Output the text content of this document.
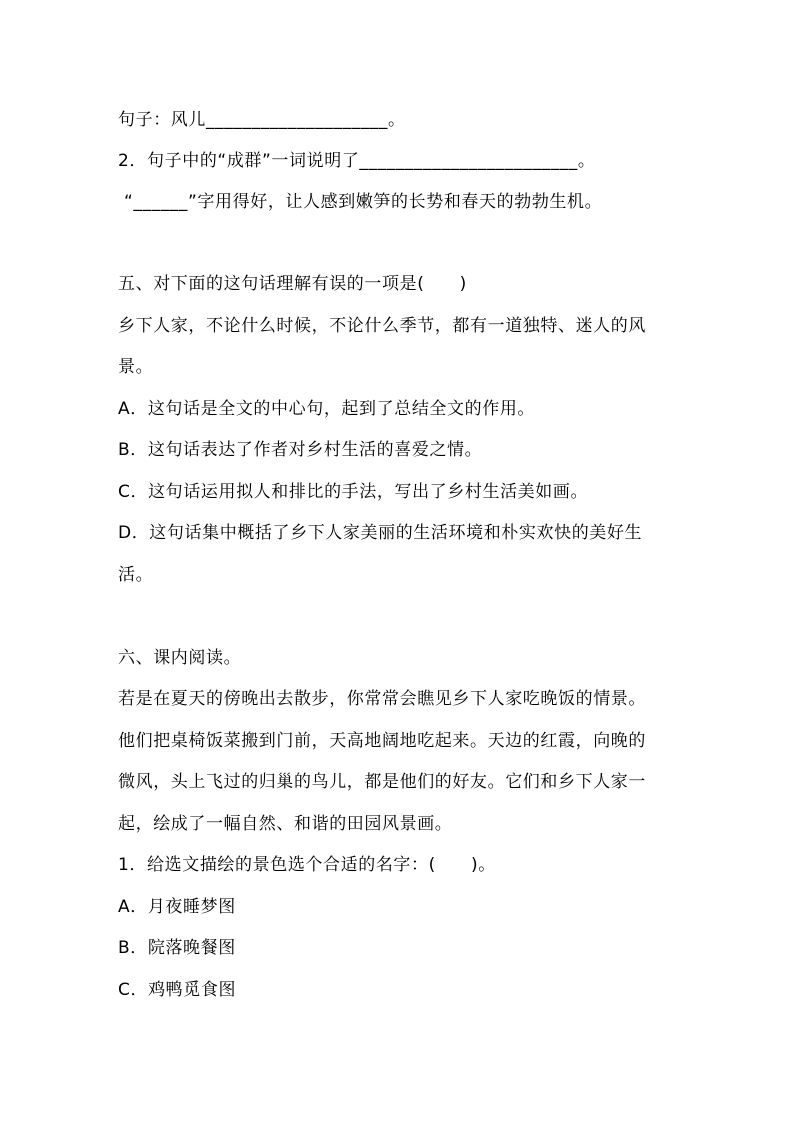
句子：风儿____________________。
2．句子中的“成群”一词说明了________________________。
“______”字用得好，让人感到嫩笋的长势和春天的勃勃生机。
五、对下面的这句话理解有误的一项是(　　)
乡下人家，不论什么时候，不论什么季节，都有一道独特、迷人的风
景。
A．这句话是全文的中心句，起到了总结全文的作用。
B．这句话表达了作者对乡村生活的喜爱之情。
C．这句话运用拟人和排比的手法，写出了乡村生活美如画。
D．这句话集中概括了乡下人家美丽的生活环境和朴实欢快的美好生
活。
六、课内阅读。
若是在夏天的傍晚出去散步，你常常会瞧见乡下人家吃晚饭的情景。
他们把桌椅饭菜搬到门前，天高地阔地吃起来。天边的红霞，向晚的
微风，头上飞过的归巢的鸟儿，都是他们的好友。它们和乡下人家一
起，绘成了一幅自然、和谐的田园风景画。
1．给选文描绘的景色选个合适的名字：(　　)。
A．月夜睡梦图
B．院落晚餐图
C．鸡鸭觅食图
